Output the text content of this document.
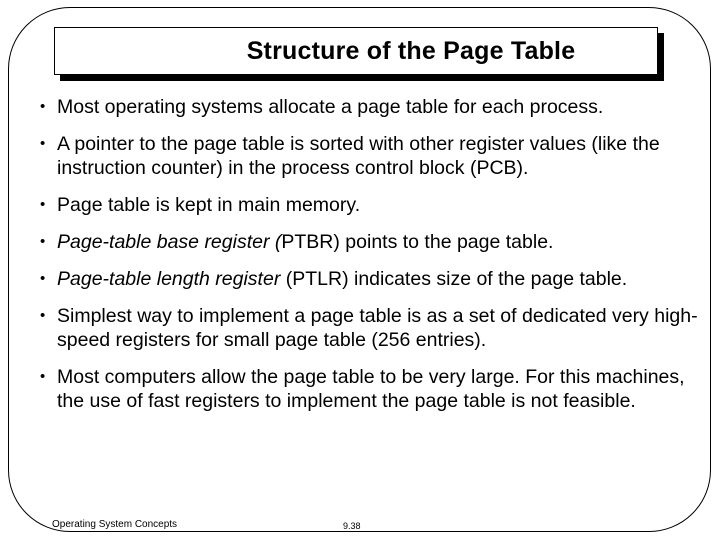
Structure of the Page Table
• Most operating systems allocate a page table for each process.
• A pointer to the page table is sorted with other register values (like the instruction counter) in the process control block (PCB).
• Page table is kept in main memory.
• Page-table base register (PTBR) points to the page table.
• Page-table length register (PTLR) indicates size of the page table.
• Simplest way to implement a page table is as a set of dedicated very high-speed registers for small page table (256 entries).
• Most computers allow the page table to be very large. For this machines, the use of fast registers to implement the page table is not feasible.
Operating System Concepts	9.38
